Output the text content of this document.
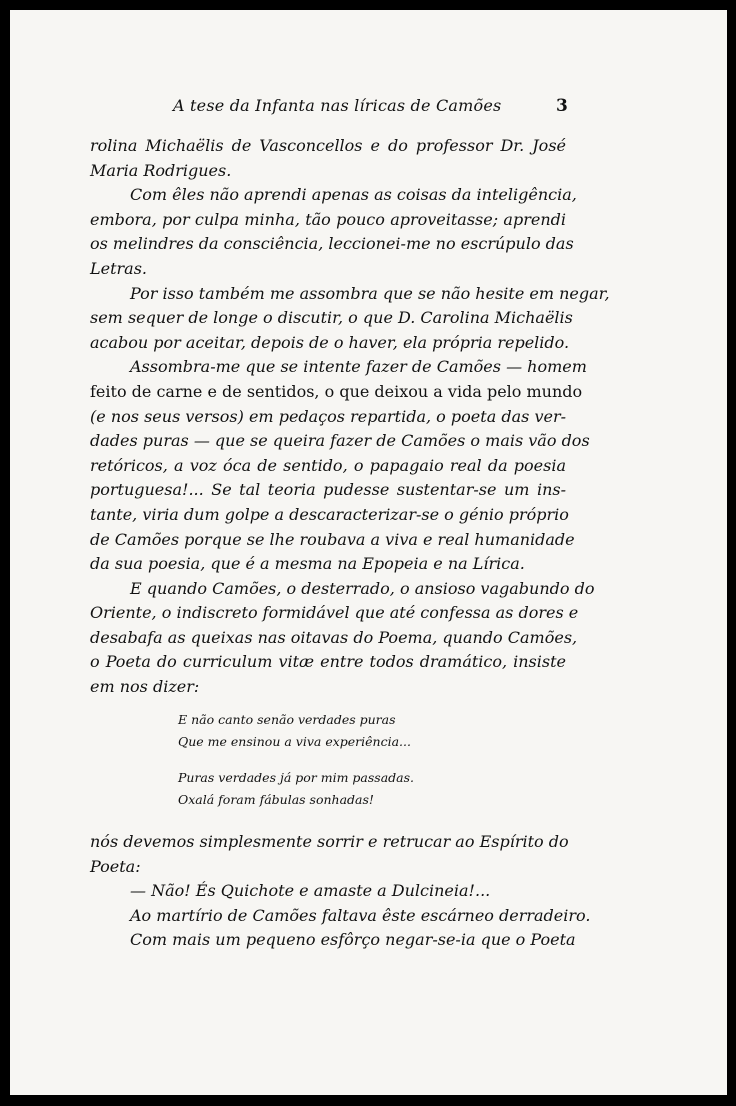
A tese da Infanta nas líricas de Camões	3
rolina Michaëlis de Vasconcellos e do professor Dr. José
Maria Rodrigues.
Com êles não aprendi apenas as coisas da inteligência,
embora, por culpa minha, tão pouco aproveitasse; aprendi
os melindres da consciência, leccionei-me no escrúpulo das
Letras.
Por isso também me assombra que se não hesite em negar,
sem sequer de longe o discutir, o que D. Carolina Michaëlis
acabou por aceitar, depois de o haver, ela própria repelido.
Assombra-me que se intente fazer de Camões — homem
feito de carne e de sentidos, o que deixou a vida pelo mundo
(e nos seus versos) em pedaços repartida, o poeta das ver-
dades puras — que se queira fazer de Camões o mais vão dos
retóricos, a voz óca de sentido, o papagaio real da poesia
portuguesa!... Se tal teoria pudesse sustentar-se um ins-
tante, viria dum golpe a descaracterizar-se o génio próprio
de Camões porque se lhe roubava a viva e real humanidade
da sua poesia, que é a mesma na Epopeia e na Lírica.
E quando Camões, o desterrado, o ansioso vagabundo do
Oriente, o indiscreto formidável que até confessa as dores e
desabafa as queixas nas oitavas do Poema, quando Camões,
o Poeta do curriculum vitæ entre todos dramático, insiste
em nos dizer:
E não canto senão verdades puras
Que me ensinou a viva experiência...
Puras verdades já por mim passadas.
Oxalá foram fábulas sonhadas!
nós devemos simplesmente sorrir e retrucar ao Espírito do
Poeta:
— Não! És Quichote e amaste a Dulcineia!...
Ao martírio de Camões faltava êste escárneo derradeiro.
Com mais um pequeno esfôrço negar-se-ia que o Poeta
